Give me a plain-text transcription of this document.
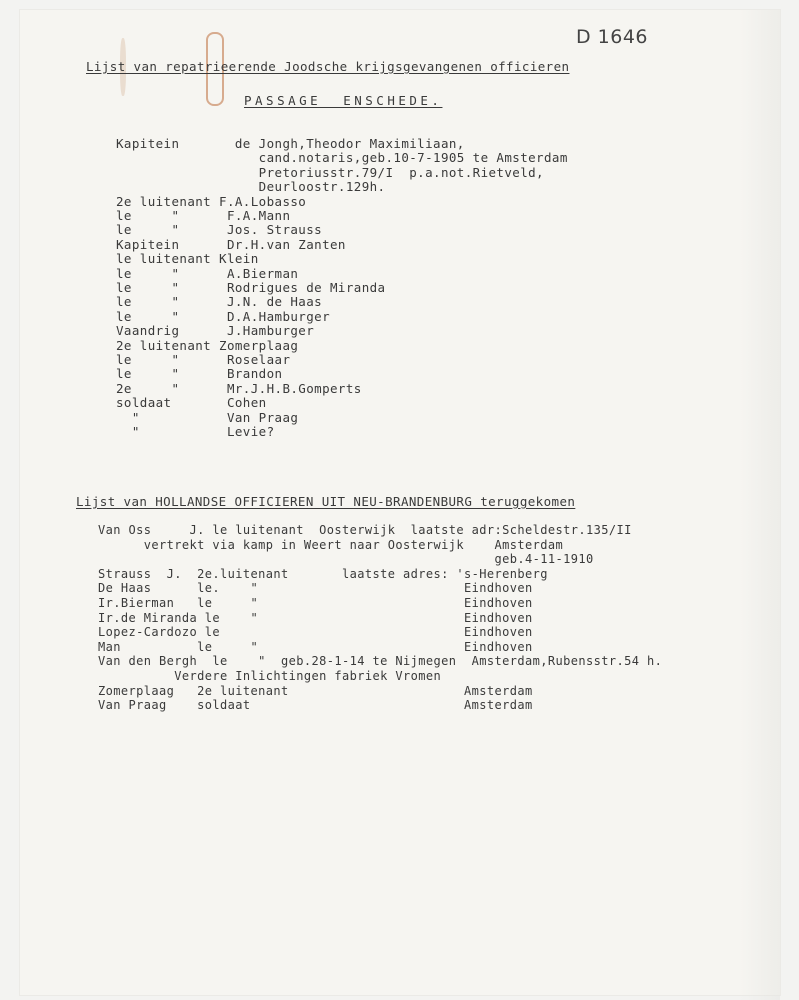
D 1646
Lijst van repatrieerende Joodsche krijgsgevangenen officieren
PASSAGE  ENSCHEDE.
Kapitein       de Jongh,Theodor Maximiliaan,
cand.notaris,geb.10-7-1905 te Amsterdam
Pretoriusstr.79/I  p.a.not.Rietveld,
Deurloostr.129h.
2e luitenant F.A.Lobasso
le     "      F.A.Mann
le     "      Jos. Strauss
Kapitein      Dr.H.van Zanten
le luitenant Klein
le     "      A.Bierman
le     "      Rodrigues de Miranda
le     "      J.N. de Haas
le     "      D.A.Hamburger
Vaandrig      J.Hamburger
2e luitenant Zomerplaag
le     "      Roselaar
le     "      Brandon
2e     "      Mr.J.H.B.Gomperts
soldaat       Cohen
"           Van Praag
"           Levie?
Lijst van HOLLANDSE OFFICIEREN UIT NEU-BRANDENBURG teruggekomen
Van Oss     J. le luitenant  Oosterwijk  laatste adr:Scheldestr.135/II
vertrekt via kamp in Weert naar Oosterwijk    Amsterdam
geb.4-11-1910
Strauss  J.  2e.luitenant       laatste adres: 's-Herenberg
De Haas      le.    "                           Eindhoven
Ir.Bierman   le     "                           Eindhoven
Ir.de Miranda le    "                           Eindhoven
Lopez-Cardozo le                                Eindhoven
Man          le     "                           Eindhoven
Van den Bergh  le    "  geb.28-1-14 te Nijmegen  Amsterdam,Rubensstr.54 h.
Verdere Inlichtingen fabriek Vromen
Zomerplaag   2e luitenant                       Amsterdam
Van Praag    soldaat                            Amsterdam
